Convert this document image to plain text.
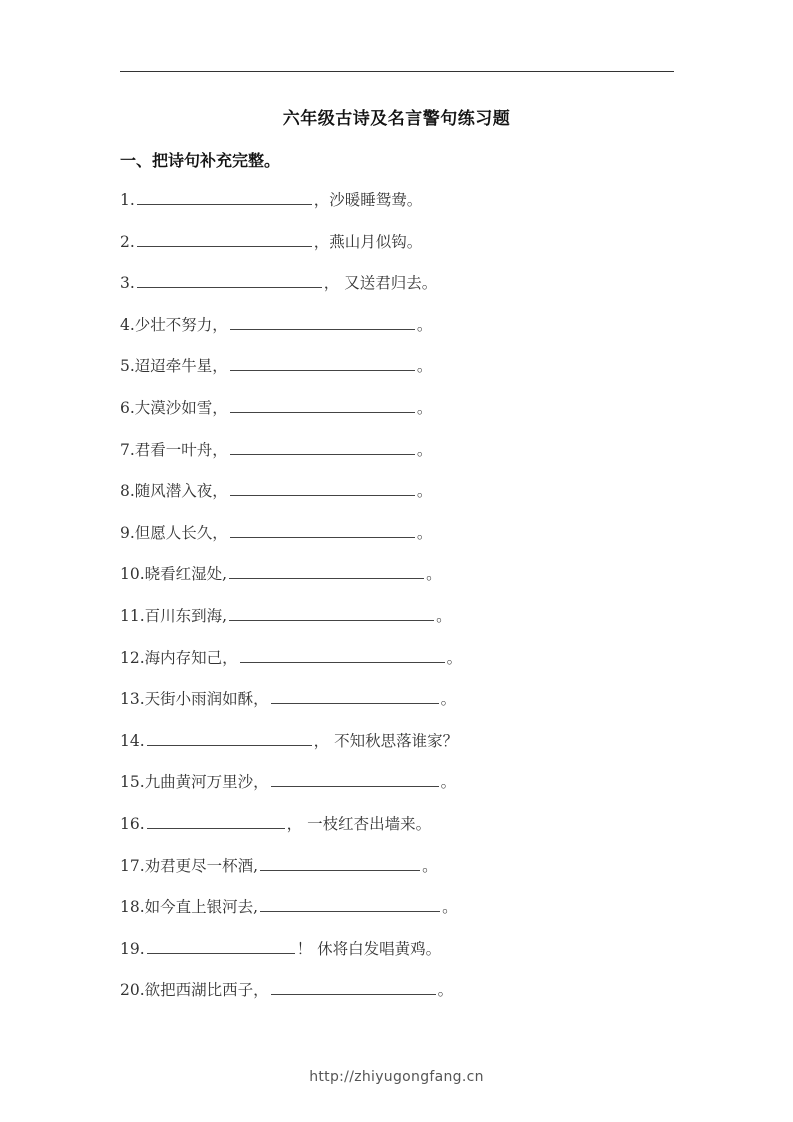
六年级古诗及名言警句练习题
一、把诗句补充完整。
1.	，沙暖睡鸳鸯。
2.	，燕山月似钩。
3.	， 又送君归去。
4.少壮不努力，	。
5.迢迢牵牛星，	。
6.大漠沙如雪，	。
7.君看一叶舟，	。
8.随风潜入夜，	。
9.但愿人长久，	。
10.晓看红湿处,	。
11.百川东到海,	。
12.海内存知己，	。
13.天街小雨润如酥，	。
14.	， 不知秋思落谁家？
15.九曲黄河万里沙，	。
16.	， 一枝红杏出墙来。
17.劝君更尽一杯酒,	。
18.如今直上银河去,	。
19.	！ 休将白发唱黄鸡。
20.欲把西湖比西子，	。
http://zhiyugongfang.cn
